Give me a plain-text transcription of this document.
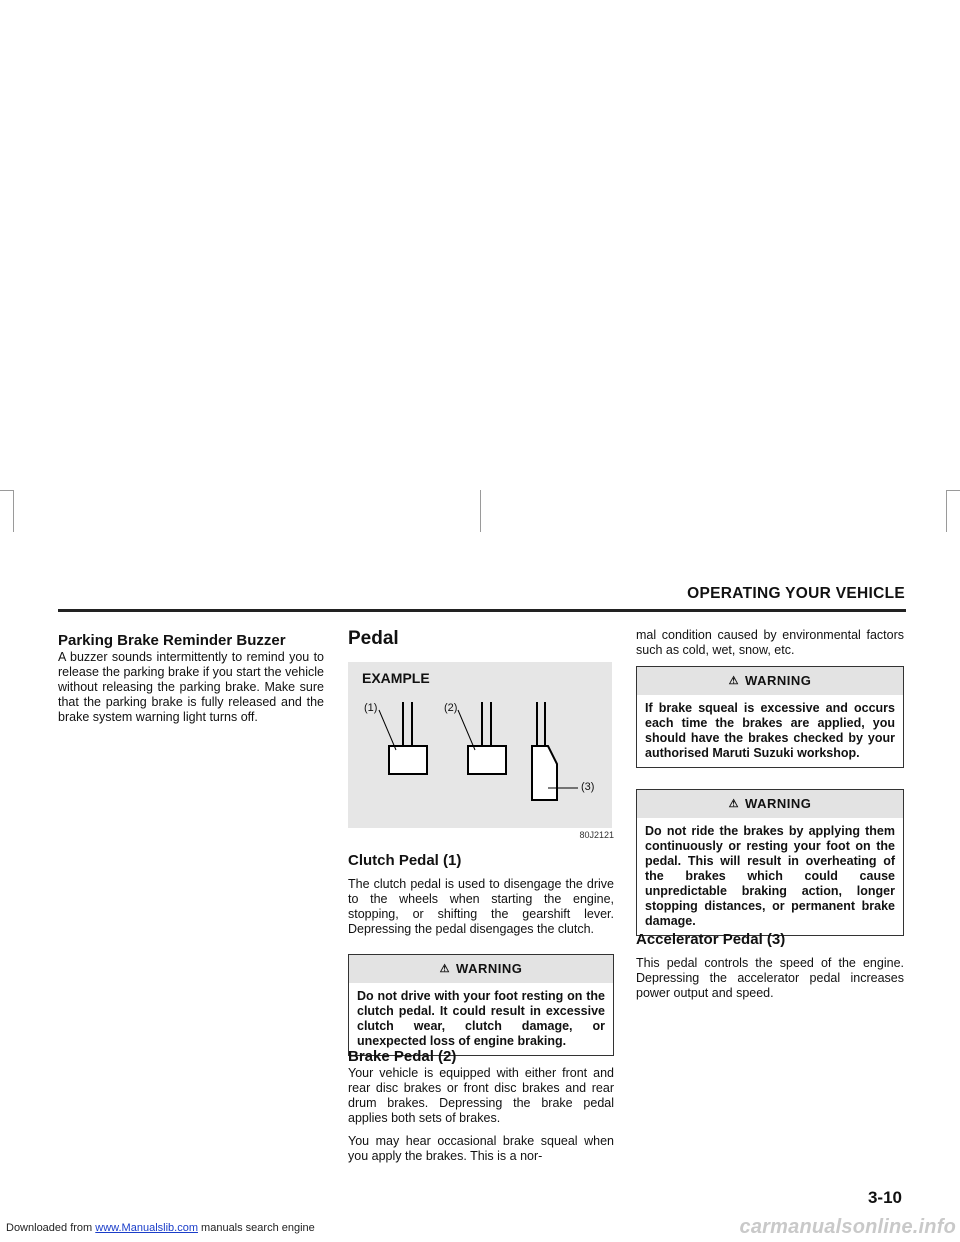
OPERATING YOUR VEHICLE
Parking Brake Reminder Buzzer

A buzzer sounds intermittently to remind you to release the parking brake if you start the vehicle without releasing the parking brake. Make sure that the parking brake is fully released and the brake system warning light turns off.

Pedal
EXAMPLE
(1)	(2)
(3)
80J2121
Clutch Pedal (1)

The clutch pedal is used to disengage the drive to the wheels when starting the engine, stopping, or shifting the gearshift lever. Depressing the pedal disengages the clutch.

⚠ WARNING
Do not drive with your foot resting on the clutch pedal. It could result in excessive clutch wear, clutch damage, or unexpected loss of engine braking.
Brake Pedal (2)

Your vehicle is equipped with either front and rear disc brakes or front disc brakes and rear drum brakes. Depressing the brake pedal applies both sets of brakes.

You may hear occasional brake squeal when you apply the brakes. This is a nor-

mal condition caused by environmental factors such as cold, wet, snow, etc.

⚠ WARNING
If brake squeal is excessive and occurs each time the brakes are applied, you should have the brakes checked by your authorised Maruti Suzuki workshop.
⚠ WARNING
Do not ride the brakes by applying them continuously or resting your foot on the pedal. This will result in overheating of the brakes which could cause unpredictable braking action, longer stopping distances, or permanent brake damage.
Accelerator Pedal (3)

This pedal controls the speed of the engine. Depressing the accelerator pedal increases power output and speed.

3-10
Downloaded from www.Manualslib.com manuals search engine	carmanualsonline.info
